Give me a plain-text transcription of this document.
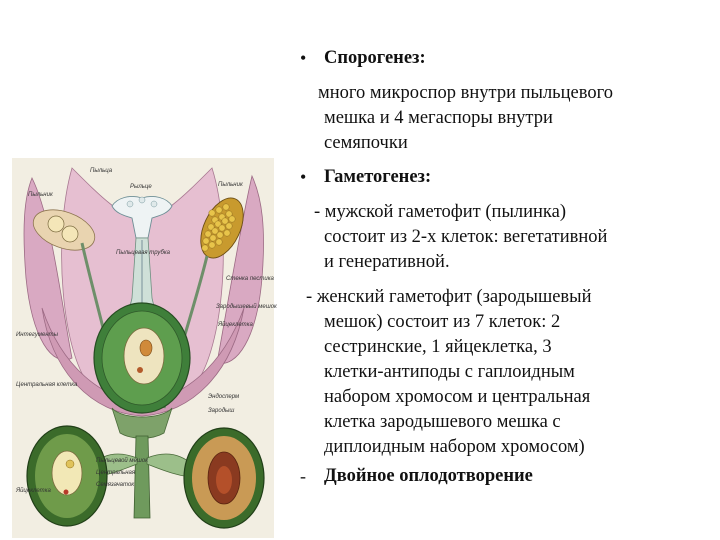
Пыльца
Рыльце
Пыльник
Пыльник
Пыльцевая трубка
Стенка пестика
Зародышевый мешок
Яйцеклетка
Эндосперм
Зародыш
Интегументы
Центральная клетка
Яйцеклетка
Пыльцевой мешок
Центральная
Семязачаток
• Спорогенез:
много микроспор внутри пыльцевого
мешка и 4 мегаспоры внутри
семяпочки
• Гаметогенез:
- мужской гаметофит (пылинка)
состоит из 2-х клеток: вегетативной
и генеративной.
- женский гаметофит (зародышевый
мешок) состоит из 7 клеток: 2
сестринские, 1 яйцеклетка, 3
клетки-антиподы с гаплоидным
набором хромосом и центральная
клетка зародышевого мешка с
диплоидным набором хромосом)
- Двойное оплодотворение
